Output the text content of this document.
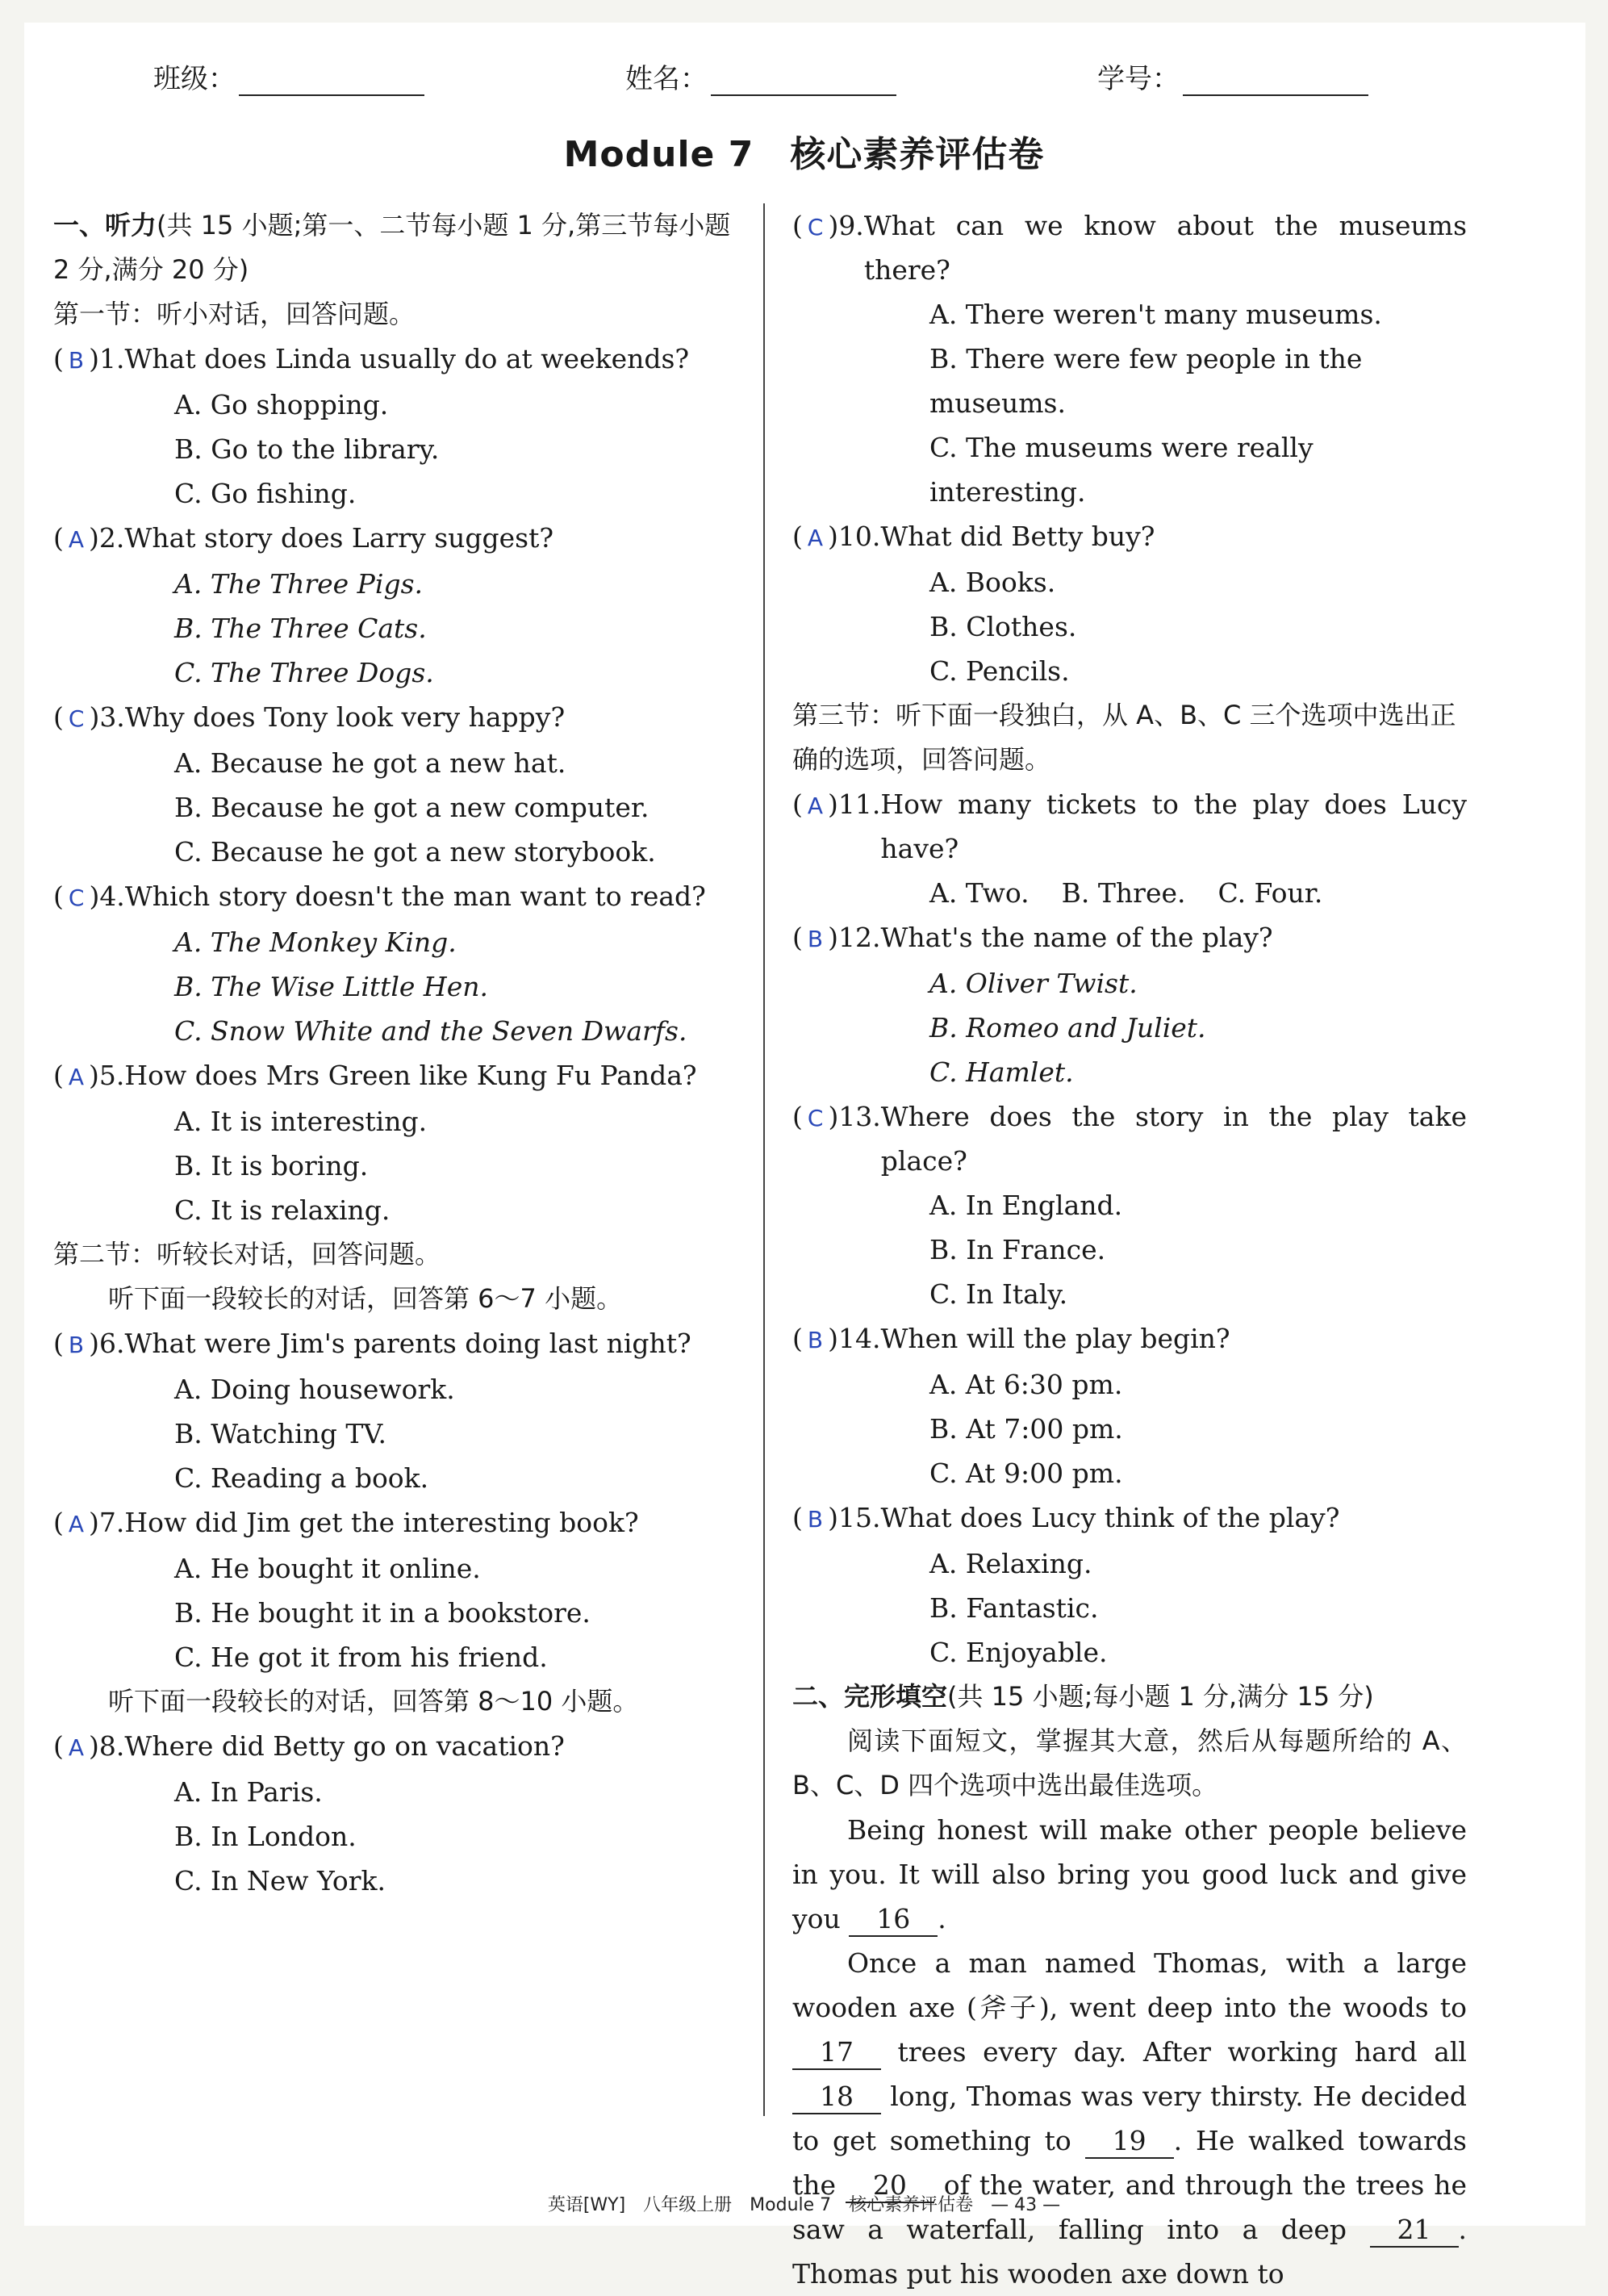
班级：	姓名：	学号：
Module 7　核心素养评估卷
一、听力(共 15 小题;第一、二节每小题 1 分,第三节每小题 2 分,满分 20 分)
第一节：听小对话，回答问题。
( B ) 1. What does Linda usually do at weekends?
A. Go shopping.
B. Go to the library.
C. Go fishing.
( A ) 2. What story does Larry suggest?
A. The Three Pigs.
B. The Three Cats.
C. The Three Dogs.
( C ) 3. Why does Tony look very happy?
A. Because he got a new hat.
B. Because he got a new computer.
C. Because he got a new storybook.
( C ) 4. Which story doesn't the man want to read?
A. The Monkey King.
B. The Wise Little Hen.
C. Snow White and the Seven Dwarfs.
( A ) 5. How does Mrs Green like Kung Fu Panda?
A. It is interesting.
B. It is boring.
C. It is relaxing.
第二节：听较长对话，回答问题。
听下面一段较长的对话，回答第 6～7 小题。
( B ) 6. What were Jim's parents doing last night?
A. Doing housework.
B. Watching TV.
C. Reading a book.
( A ) 7. How did Jim get the interesting book?
A. He bought it online.
B. He bought it in a bookstore.
C. He got it from his friend.
听下面一段较长的对话，回答第 8～10 小题。
( A ) 8. Where did Betty go on vacation?
A. In Paris.
B. In London.
C. In New York.
( C ) 9. What can we know about the museums there?
A. There weren't many museums.
B. There were few people in the museums.
C. The museums were really interesting.
( A ) 10. What did Betty buy?
A. Books.
B. Clothes.
C. Pencils.
第三节：听下面一段独白，从 A、B、C 三个选项中选出正确的选项，回答问题。
( A ) 11. How many tickets to the play does Lucy have?
A. Two. B. Three. C. Four.
( B ) 12. What's the name of the play?
A. Oliver Twist.
B. Romeo and Juliet.
C. Hamlet.
( C ) 13. Where does the story in the play take place?
A. In England.
B. In France.
C. In Italy.
( B ) 14. When will the play begin?
A. At 6:30 pm.
B. At 7:00 pm.
C. At 9:00 pm.
( B ) 15. What does Lucy think of the play?
A. Relaxing.
B. Fantastic.
C. Enjoyable.
二、完形填空(共 15 小题;每小题 1 分,满分 15 分)
阅读下面短文，掌握其大意，然后从每题所给的 A、B、C、D 四个选项中选出最佳选项。
Being honest will make other people believe in you. It will also bring you good luck and give you 16 .
Once a man named Thomas, with a large wooden axe (斧子), went deep into the woods to 17 trees every day. After working hard all 18 long, Thomas was very thirsty. He decided to get something to 19 . He walked towards the 20 of the water, and through the trees he saw a waterfall, falling into a deep 21 . Thomas put his wooden axe down to
英语[WY]　八年级上册　Module 7　核心素养评估卷　— 43 —
